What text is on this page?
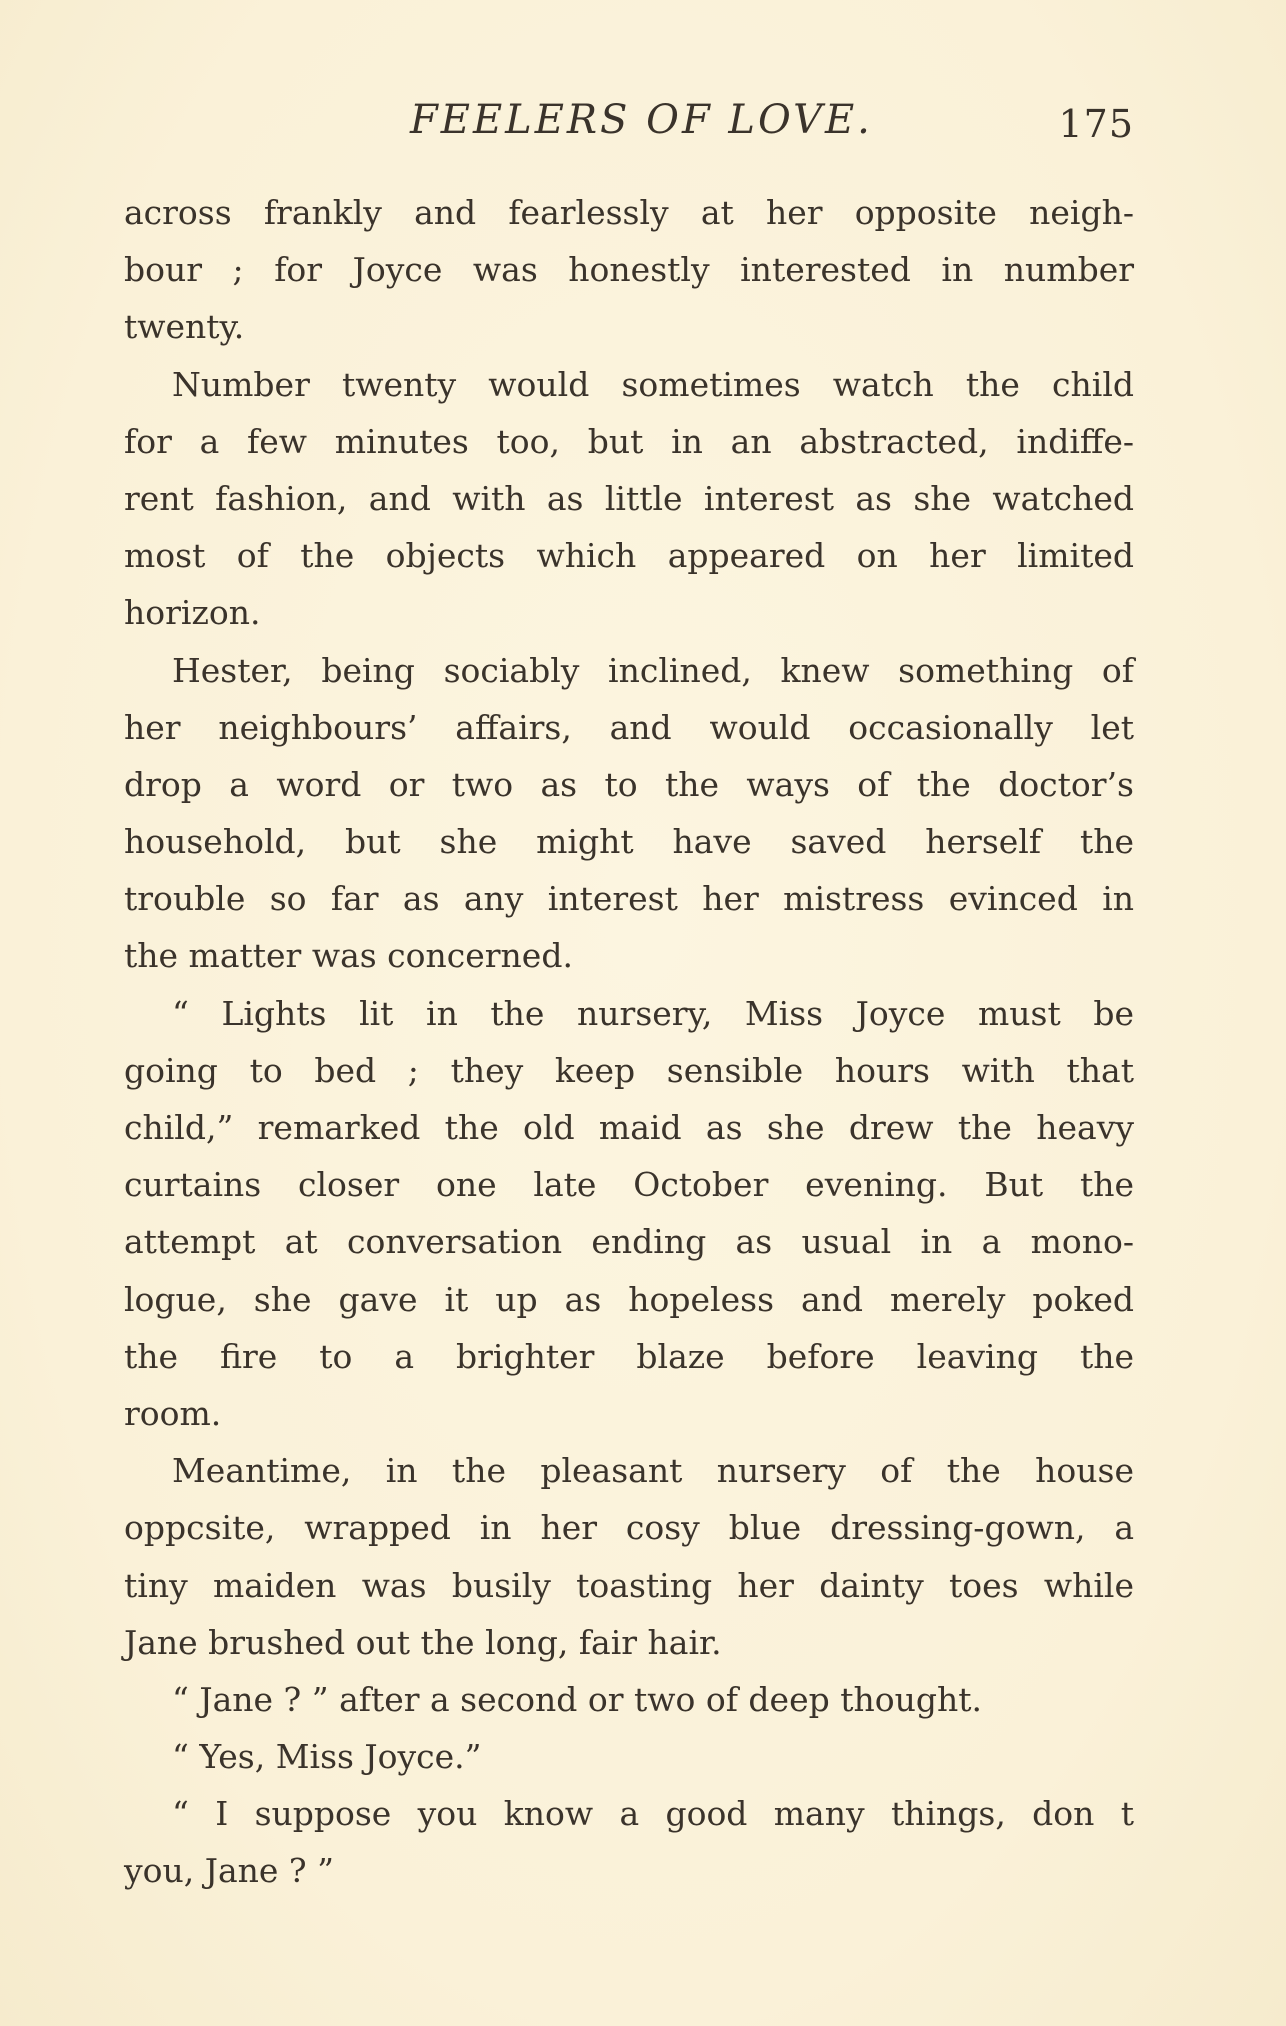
FEELERS OF LOVE.	175
across frankly and fearlessly at her opposite neigh-
bour ; for Joyce was honestly interested in number
twenty.
Number twenty would sometimes watch the child
for a few minutes too, but in an abstracted, indiffe-
rent fashion, and with as little interest as she watched
most of the objects which appeared on her limited
horizon.
Hester, being sociably inclined, knew something of
her neighbours’ affairs, and would occasionally let
drop a word or two as to the ways of the doctor’s
household, but she might have saved herself the
trouble so far as any interest her mistress evinced in
the matter was concerned.
“ Lights lit in the nursery, Miss Joyce must be
going to bed ; they keep sensible hours with that
child,” remarked the old maid as she drew the heavy
curtains closer one late October evening. But the
attempt at conversation ending as usual in a mono-
logue, she gave it up as hopeless and merely poked
the fire to a brighter blaze before leaving the
room.
Meantime, in the pleasant nursery of the house
oppcsite, wrapped in her cosy blue dressing-gown, a
tiny maiden was busily toasting her dainty toes while
Jane brushed out the long, fair hair.
“ Jane ? ” after a second or two of deep thought.
“ Yes, Miss Joyce.”
“ I suppose you know a good many things, don t
you, Jane ? ”
